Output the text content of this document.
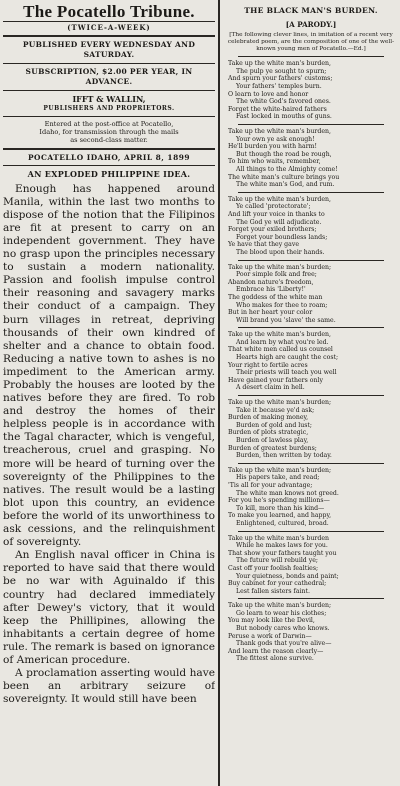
The Pocatello Tribune.
(TWICE-A-WEEK)
PUBLISHED EVERY WEDNESDAY AND
SATURDAY.
SUBSCRIPTION, $2.00 PER YEAR, IN
ADVANCE.
IFFT & WALLIN,
PUBLISHERS AND PROPRIETORS.
Entered at the post-office at Pocatello,
Idaho, for transmission through the mails
as second-class matter.
POCATELLO IDAHO, APRIL 8, 1899
AN EXPLODED PHILIPPINE IDEA.

Enough has happened around Manila, within the last two months to dispose of the notion that the Filipinos are fit at present to carry on an independent government. They have no grasp upon the principles necessary to sustain a modern nationality. Passion and foolish impulse control their reasoning and savagery marks their conduct of a campaign. They burn villages in retreat, depriving thousands of their own kindred of shelter and a chance to obtain food. Reducing a native town to ashes is no impediment to the American army. Probably the houses are looted by the natives before they are fired. To rob and destroy the homes of their helpless people is in accordance with the Tagal character, which is vengeful, treacherous, cruel and grasping. No more will be heard of turning over the sovereignty of the Philippines to the natives. The result would be a lasting blot upon this country, an evidence before the world of its unworthiness to ask cessions, and the relinquishment of sovereignty.

An English naval officer in China is reported to have said that there would be no war with Aguinaldo if this country had declared immediately after Dewey's victory, that it would keep the Phillipines, allowing the inhabitants a certain degree of home rule. The remark is based on ignorance of American procedure.

A proclamation asserting would have been an arbitrary seizure of sovereignty. It would still have been

THE BLACK MAN'S BURDEN.
[A PARODY.]
[The following clever lines, in imitation of a recent very celebrated poem, are the composition of one of the well-known young men of Pocatello.—Ed.]
Take up the white man's burden,
The pulp ye sought to spurn;
And spurn your fathers' customs;
Your fathers' temples burn.
O learn to love and honor
The white God's favored ones.
Forget the white-haired fathers
Fast locked in mouths of guns.
Take up the white man's burden,
Your own ye ask enough!
He'll burden you with harm!
But though the road be rough,
To him who waits, remember,
All things to the Almighty come!
The white man's culture brings you
The white man's God, and rum.
Take up the white man's burden,
Ye called 'protectorate';
And lift your voice in thanks to
The God ye will adjudicate.
Forget your exiled brothers;
Forget your boundless lands;
Ye have that they gave
The blood upon their hands.
Take up the white man's burden;
Poor simple folk and free;
Abandon nature's freedom,
Embrace his 'Liberty!'
The goddess of the white man
Who makes for thee to roam;
But in her heart your color
Will brand you 'slave' the same.
Take up the white man's burden,
And learn by what you're led.
That white men called us counsel
Hearts high are caught the cost;
Your right to fertile acres
Their priests will teach you well
Have gained your fathers only
A desert claim in hell.
Take up the white man's burden;
Take it because ye'd ask;
Burden of making money,
Burden of gold and lust;
Burden of plots strategic,
Burden of lawless play,
Burden of greatest burdens;
Burden, then written by today.
Take up the white man's burden;
His papers take, and read;
'Tis all for your advantage;
The white man knows not greed.
For you he's spending millions—
To kill, more than his kind—
To make you learned, and happy,
Enlightened, cultured, broad.
Take up the white man's burden
While he makes laws for you.
That show your fathers taught you
The future will rebuild ye;
Cast off your foolish fealties;
Your quietness, bonds and paint;
Buy cabinet for your cathedral;
Lest fallen sisters faint.
Take up the white man's burden;
Go learn to wear his clothes;
You may look like the Devil,
But nobody cares who knows.
Peruse a work of Darwin—
Thank gods that you're alive—
And learn the reason clearly—
The fittest alone survive.
